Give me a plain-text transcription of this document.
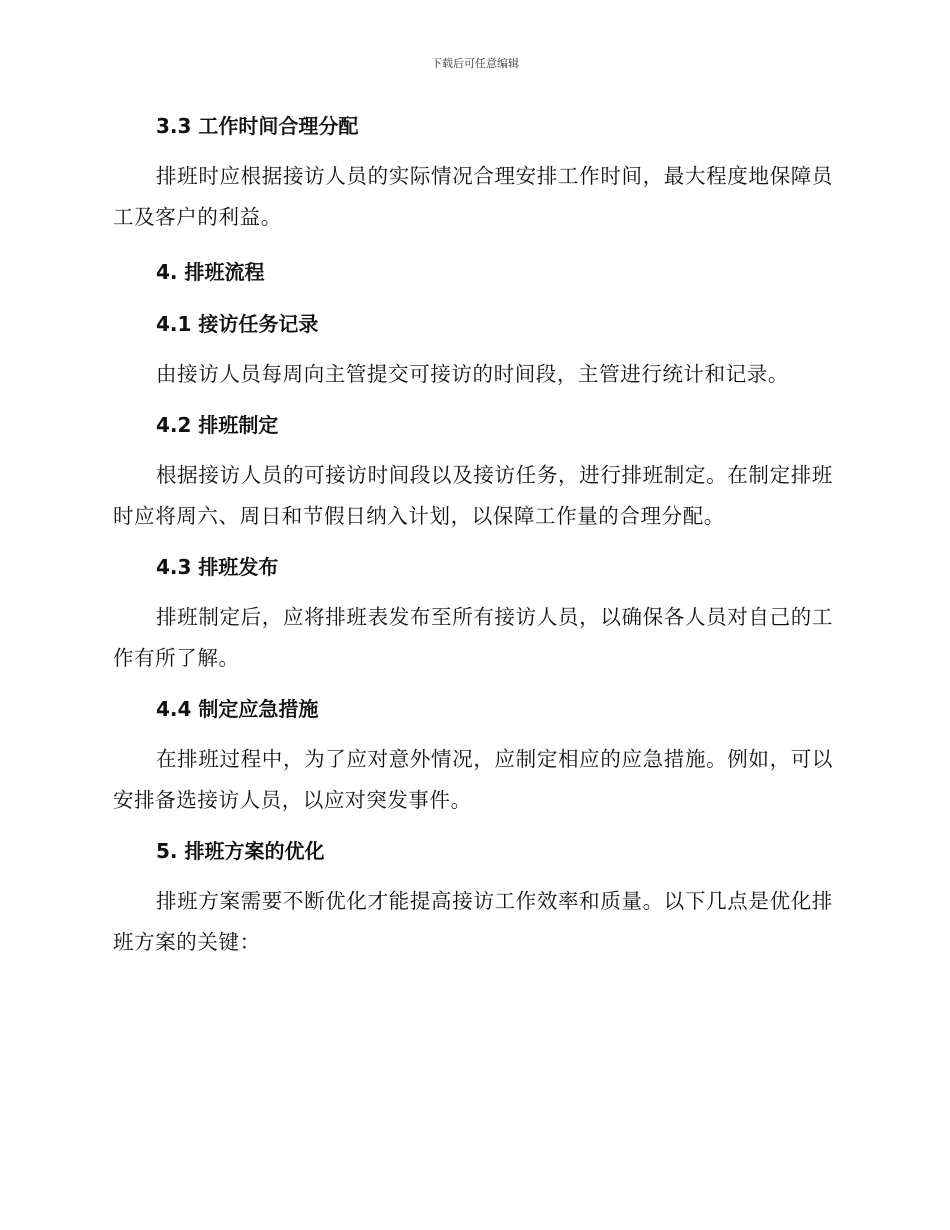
下载后可任意编辑

3.3 工作时间合理分配

排班时应根据接访人员的实际情况合理安排工作时间，最大程度地保障员工及客户的利益。

4. 排班流程

4.1 接访任务记录

由接访人员每周向主管提交可接访的时间段，主管进行统计和记录。

4.2 排班制定

根据接访人员的可接访时间段以及接访任务，进行排班制定。在制定排班时应将周六、周日和节假日纳入计划，以保障工作量的合理分配。

4.3 排班发布

排班制定后，应将排班表发布至所有接访人员，以确保各人员对自己的工作有所了解。

4.4 制定应急措施

在排班过程中，为了应对意外情况，应制定相应的应急措施。例如，可以安排备选接访人员，以应对突发事件。

5. 排班方案的优化

排班方案需要不断优化才能提高接访工作效率和质量。以下几点是优化排班方案的关键：
